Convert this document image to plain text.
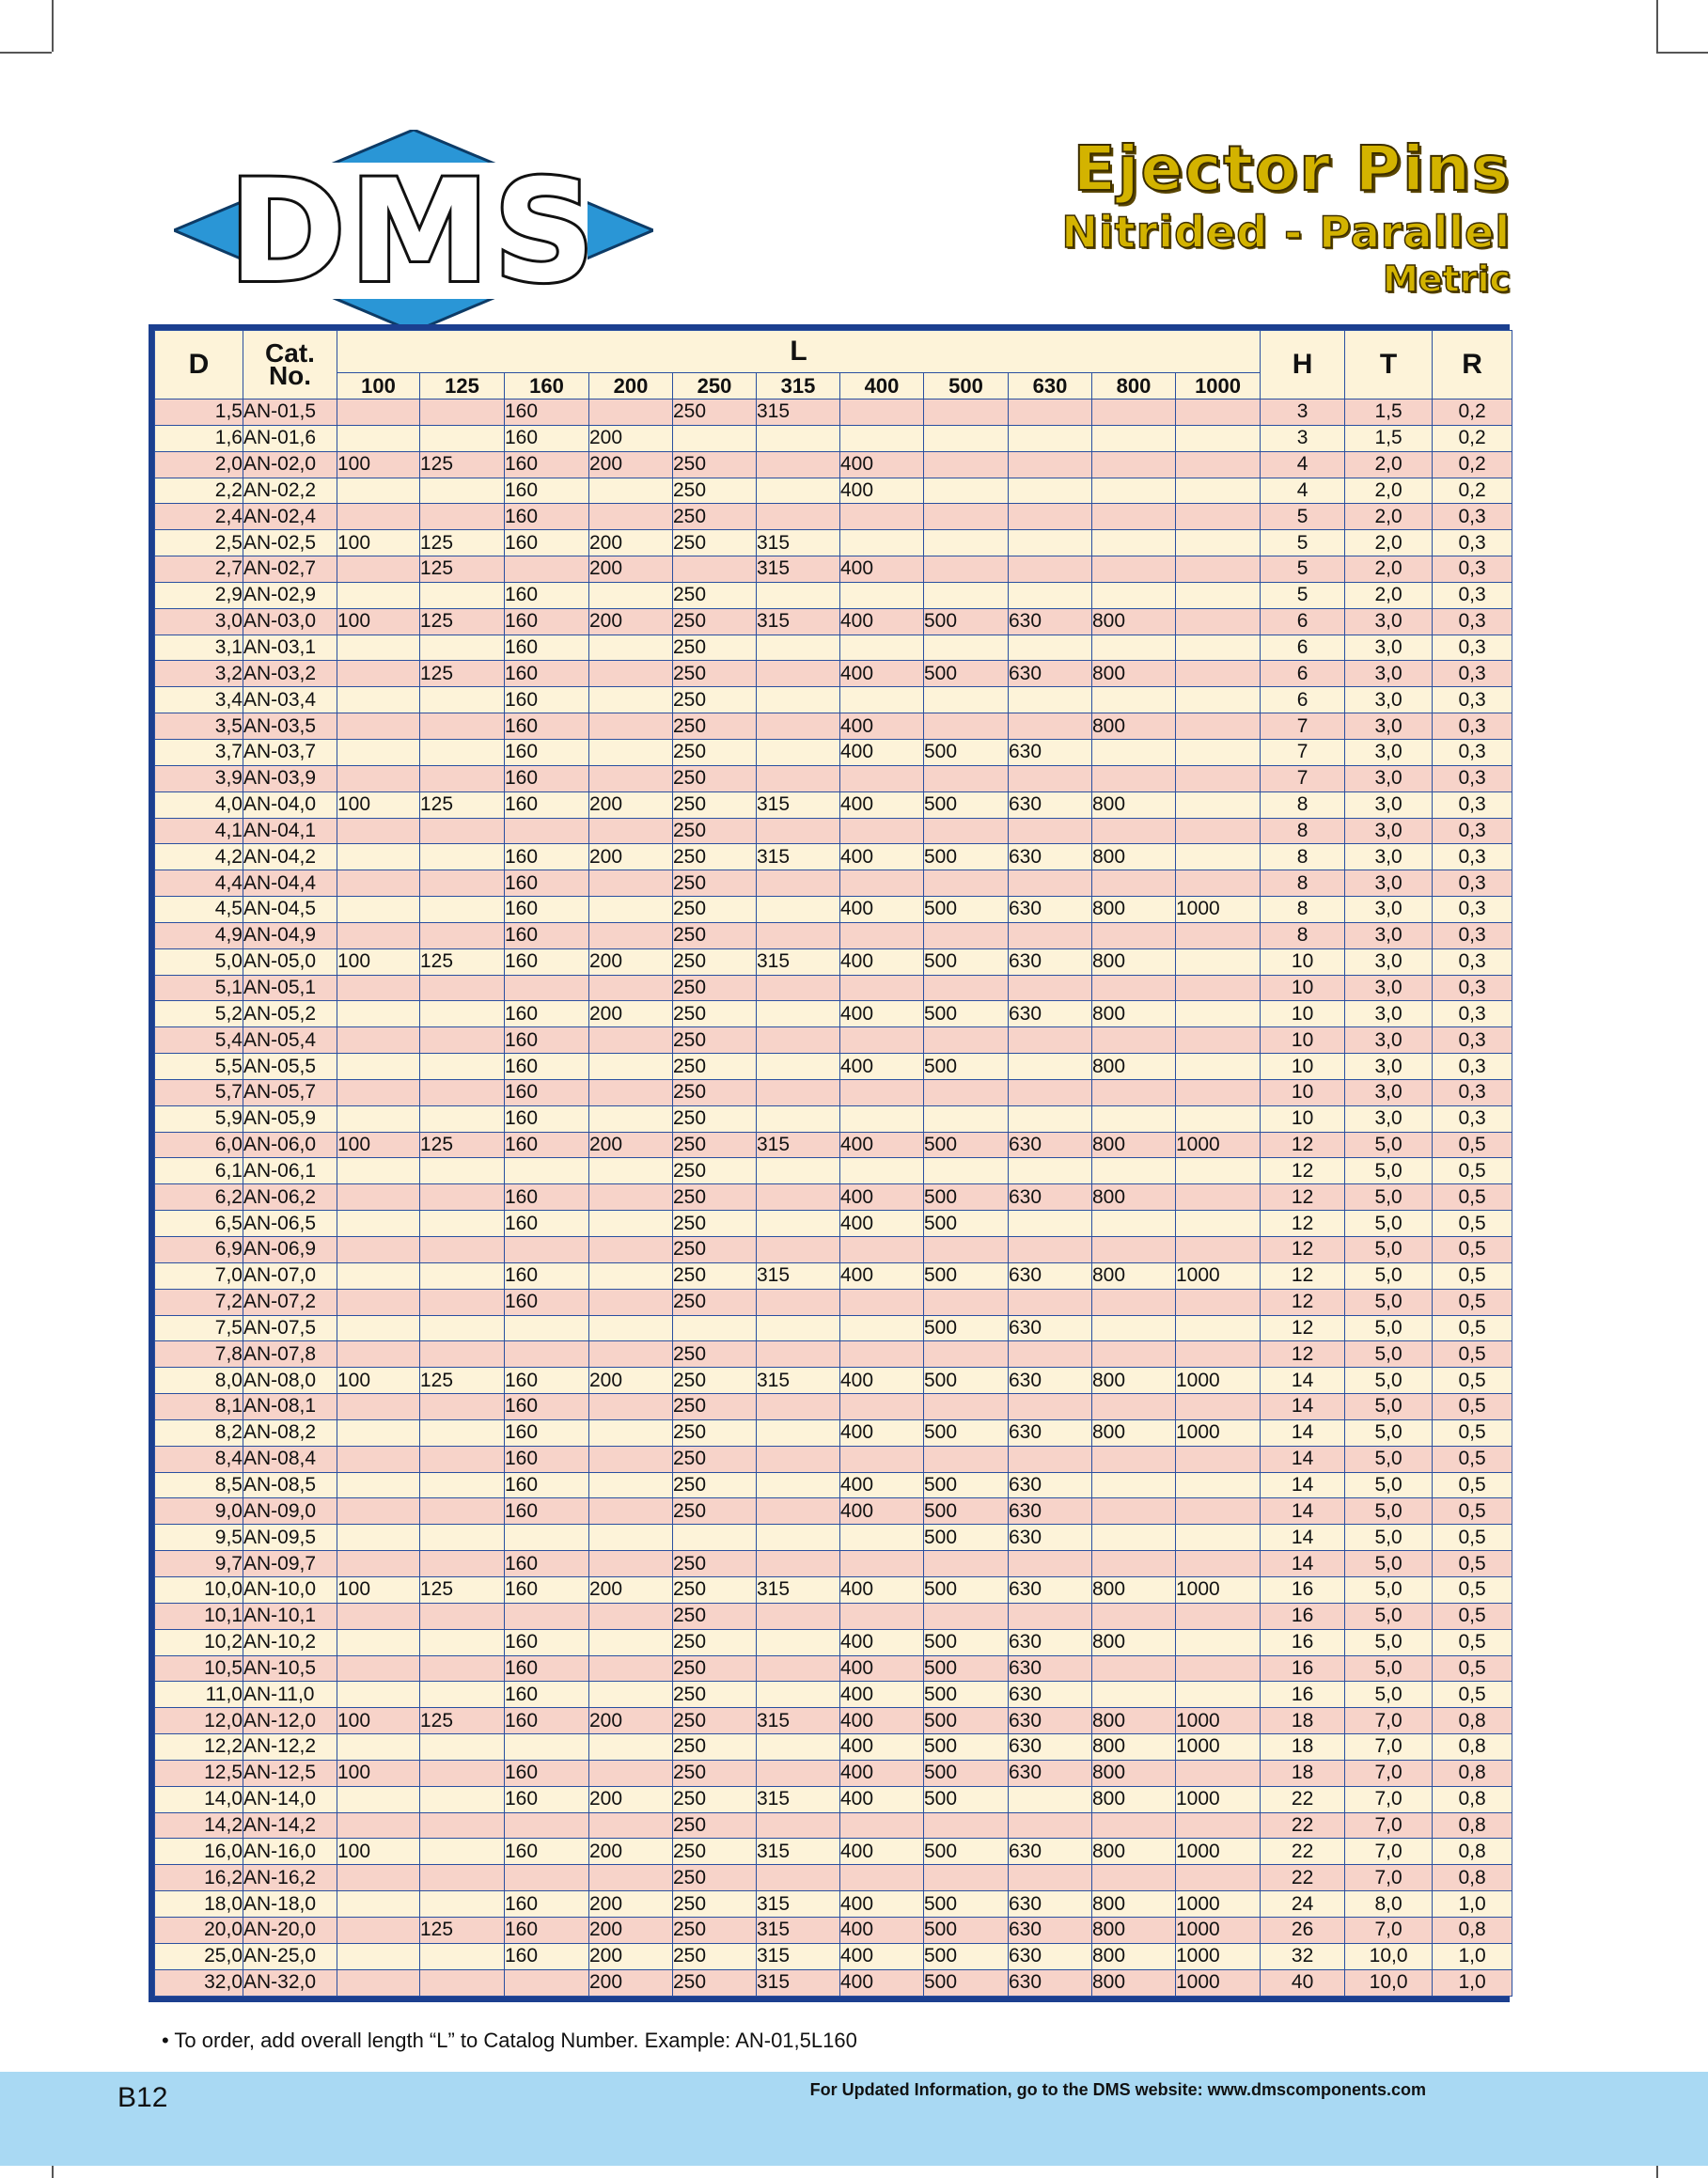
DMS	Ejector Pins
Nitrided - Parallel
Metric
D	Cat.
No.	L											H	T	R
		100	125	160	200	250	315	400	500	630	800	1000			
1,5	AN-01,5			160		250	315						3	1,5	0,2
1,6	AN-01,6			160	200								3	1,5	0,2
2,0	AN-02,0	100	125	160	200	250		400					4	2,0	0,2
2,2	AN-02,2			160		250		400					4	2,0	0,2
2,4	AN-02,4			160		250							5	2,0	0,3
2,5	AN-02,5	100	125	160	200	250	315						5	2,0	0,3
2,7	AN-02,7		125		200		315	400					5	2,0	0,3
2,9	AN-02,9			160		250							5	2,0	0,3
3,0	AN-03,0	100	125	160	200	250	315	400	500	630	800		6	3,0	0,3
3,1	AN-03,1			160		250							6	3,0	0,3
3,2	AN-03,2		125	160		250		400	500	630	800		6	3,0	0,3
3,4	AN-03,4			160		250							6	3,0	0,3
3,5	AN-03,5			160		250		400			800		7	3,0	0,3
3,7	AN-03,7			160		250		400	500	630			7	3,0	0,3
3,9	AN-03,9			160		250							7	3,0	0,3
4,0	AN-04,0	100	125	160	200	250	315	400	500	630	800		8	3,0	0,3
4,1	AN-04,1					250							8	3,0	0,3
4,2	AN-04,2			160	200	250	315	400	500	630	800		8	3,0	0,3
4,4	AN-04,4			160		250							8	3,0	0,3
4,5	AN-04,5			160		250		400	500	630	800	1000	8	3,0	0,3
4,9	AN-04,9			160		250							8	3,0	0,3
5,0	AN-05,0	100	125	160	200	250	315	400	500	630	800		10	3,0	0,3
5,1	AN-05,1					250							10	3,0	0,3
5,2	AN-05,2			160	200	250		400	500	630	800		10	3,0	0,3
5,4	AN-05,4			160		250							10	3,0	0,3
5,5	AN-05,5			160		250		400	500		800		10	3,0	0,3
5,7	AN-05,7			160		250							10	3,0	0,3
5,9	AN-05,9			160		250							10	3,0	0,3
6,0	AN-06,0	100	125	160	200	250	315	400	500	630	800	1000	12	5,0	0,5
6,1	AN-06,1					250							12	5,0	0,5
6,2	AN-06,2			160		250		400	500	630	800		12	5,0	0,5
6,5	AN-06,5			160		250		400	500				12	5,0	0,5
6,9	AN-06,9					250							12	5,0	0,5
7,0	AN-07,0			160		250	315	400	500	630	800	1000	12	5,0	0,5
7,2	AN-07,2			160		250							12	5,0	0,5
7,5	AN-07,5								500	630			12	5,0	0,5
7,8	AN-07,8					250							12	5,0	0,5
8,0	AN-08,0	100	125	160	200	250	315	400	500	630	800	1000	14	5,0	0,5
8,1	AN-08,1			160		250							14	5,0	0,5
8,2	AN-08,2			160		250		400	500	630	800	1000	14	5,0	0,5
8,4	AN-08,4			160		250							14	5,0	0,5
8,5	AN-08,5			160		250		400	500	630			14	5,0	0,5
9,0	AN-09,0			160		250		400	500	630			14	5,0	0,5
9,5	AN-09,5								500	630			14	5,0	0,5
9,7	AN-09,7			160		250							14	5,0	0,5
10,0	AN-10,0	100	125	160	200	250	315	400	500	630	800	1000	16	5,0	0,5
10,1	AN-10,1					250							16	5,0	0,5
10,2	AN-10,2			160		250		400	500	630	800		16	5,0	0,5
10,5	AN-10,5			160		250		400	500	630			16	5,0	0,5
11,0	AN-11,0			160		250		400	500	630			16	5,0	0,5
12,0	AN-12,0	100	125	160	200	250	315	400	500	630	800	1000	18	7,0	0,8
12,2	AN-12,2					250		400	500	630	800	1000	18	7,0	0,8
12,5	AN-12,5	100		160		250		400	500	630	800		18	7,0	0,8
14,0	AN-14,0			160	200	250	315	400	500		800	1000	22	7,0	0,8
14,2	AN-14,2					250							22	7,0	0,8
16,0	AN-16,0	100		160	200	250	315	400	500	630	800	1000	22	7,0	0,8
16,2	AN-16,2					250							22	7,0	0,8
18,0	AN-18,0			160	200	250	315	400	500	630	800	1000	24	8,0	1,0
20,0	AN-20,0		125	160	200	250	315	400	500	630	800	1000	26	7,0	0,8
25,0	AN-25,0			160	200	250	315	400	500	630	800	1000	32	10,0	1,0
32,0	AN-32,0				200	250	315	400	500	630	800	1000	40	10,0	1,0
• To order, add overall length “L” to Catalog Number. Example: AN-01,5L160
B12	For Updated Information, go to the DMS website: www.dmscomponents.com
